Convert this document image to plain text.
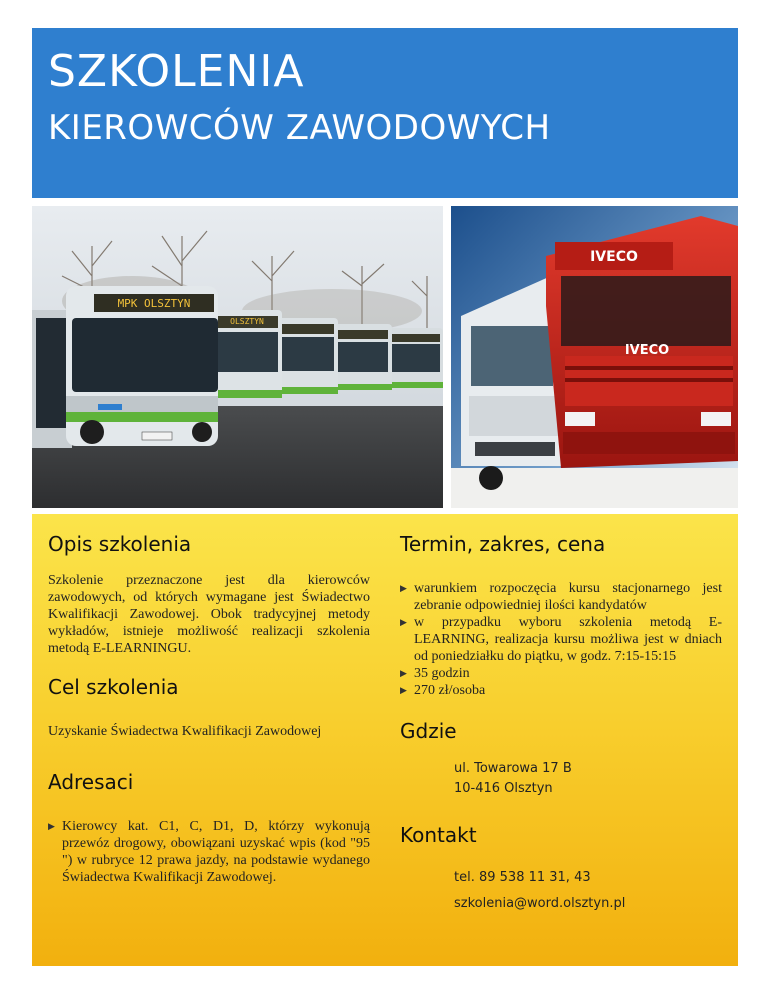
SZKOLENIA

KIEROWCÓW ZAWODOWYCH

MPK OLSZTYN
OLSZTYN
IVECO
IVECO
Opis szkolenia

Szkolenie przeznaczone jest dla kierowców zawodowych, od których wymagane jest Świadectwo Kwalifikacji Zawodowej. Obok tradycyjnej metody wykładów, istnieje możliwość realizacji szkolenia metodą E-LEARNINGU.

Cel szkolenia

Uzyskanie Świadectwa Kwalifikacji Zawodowej

Adresaci
▶ Kierowcy kat. C1, C, D1, D, którzy wykonują przewóz drogowy, obowiązani uzyskać wpis (kod "95 ") w rubryce 12 prawa jazdy, na podstawie wydanego Świadectwa Kwalifikacji Zawodowej.
Termin, zakres, cena
▶ warunkiem rozpoczęcia kursu stacjonarnego jest zebranie odpowiedniej ilości kandydatów
▶ w przypadku wyboru szkolenia metodą E-LEARNING, realizacja kursu możliwa jest w dniach od poniedziałku do piątku, w godz. 7:15-15:15
▶ 35 godzin
▶ 270 zł/osoba
Gdzie
ul. Towarowa 17 B
10-416 Olsztyn
Kontakt
tel. 89 538 11 31, 43
szkolenia@word.olsztyn.pl
